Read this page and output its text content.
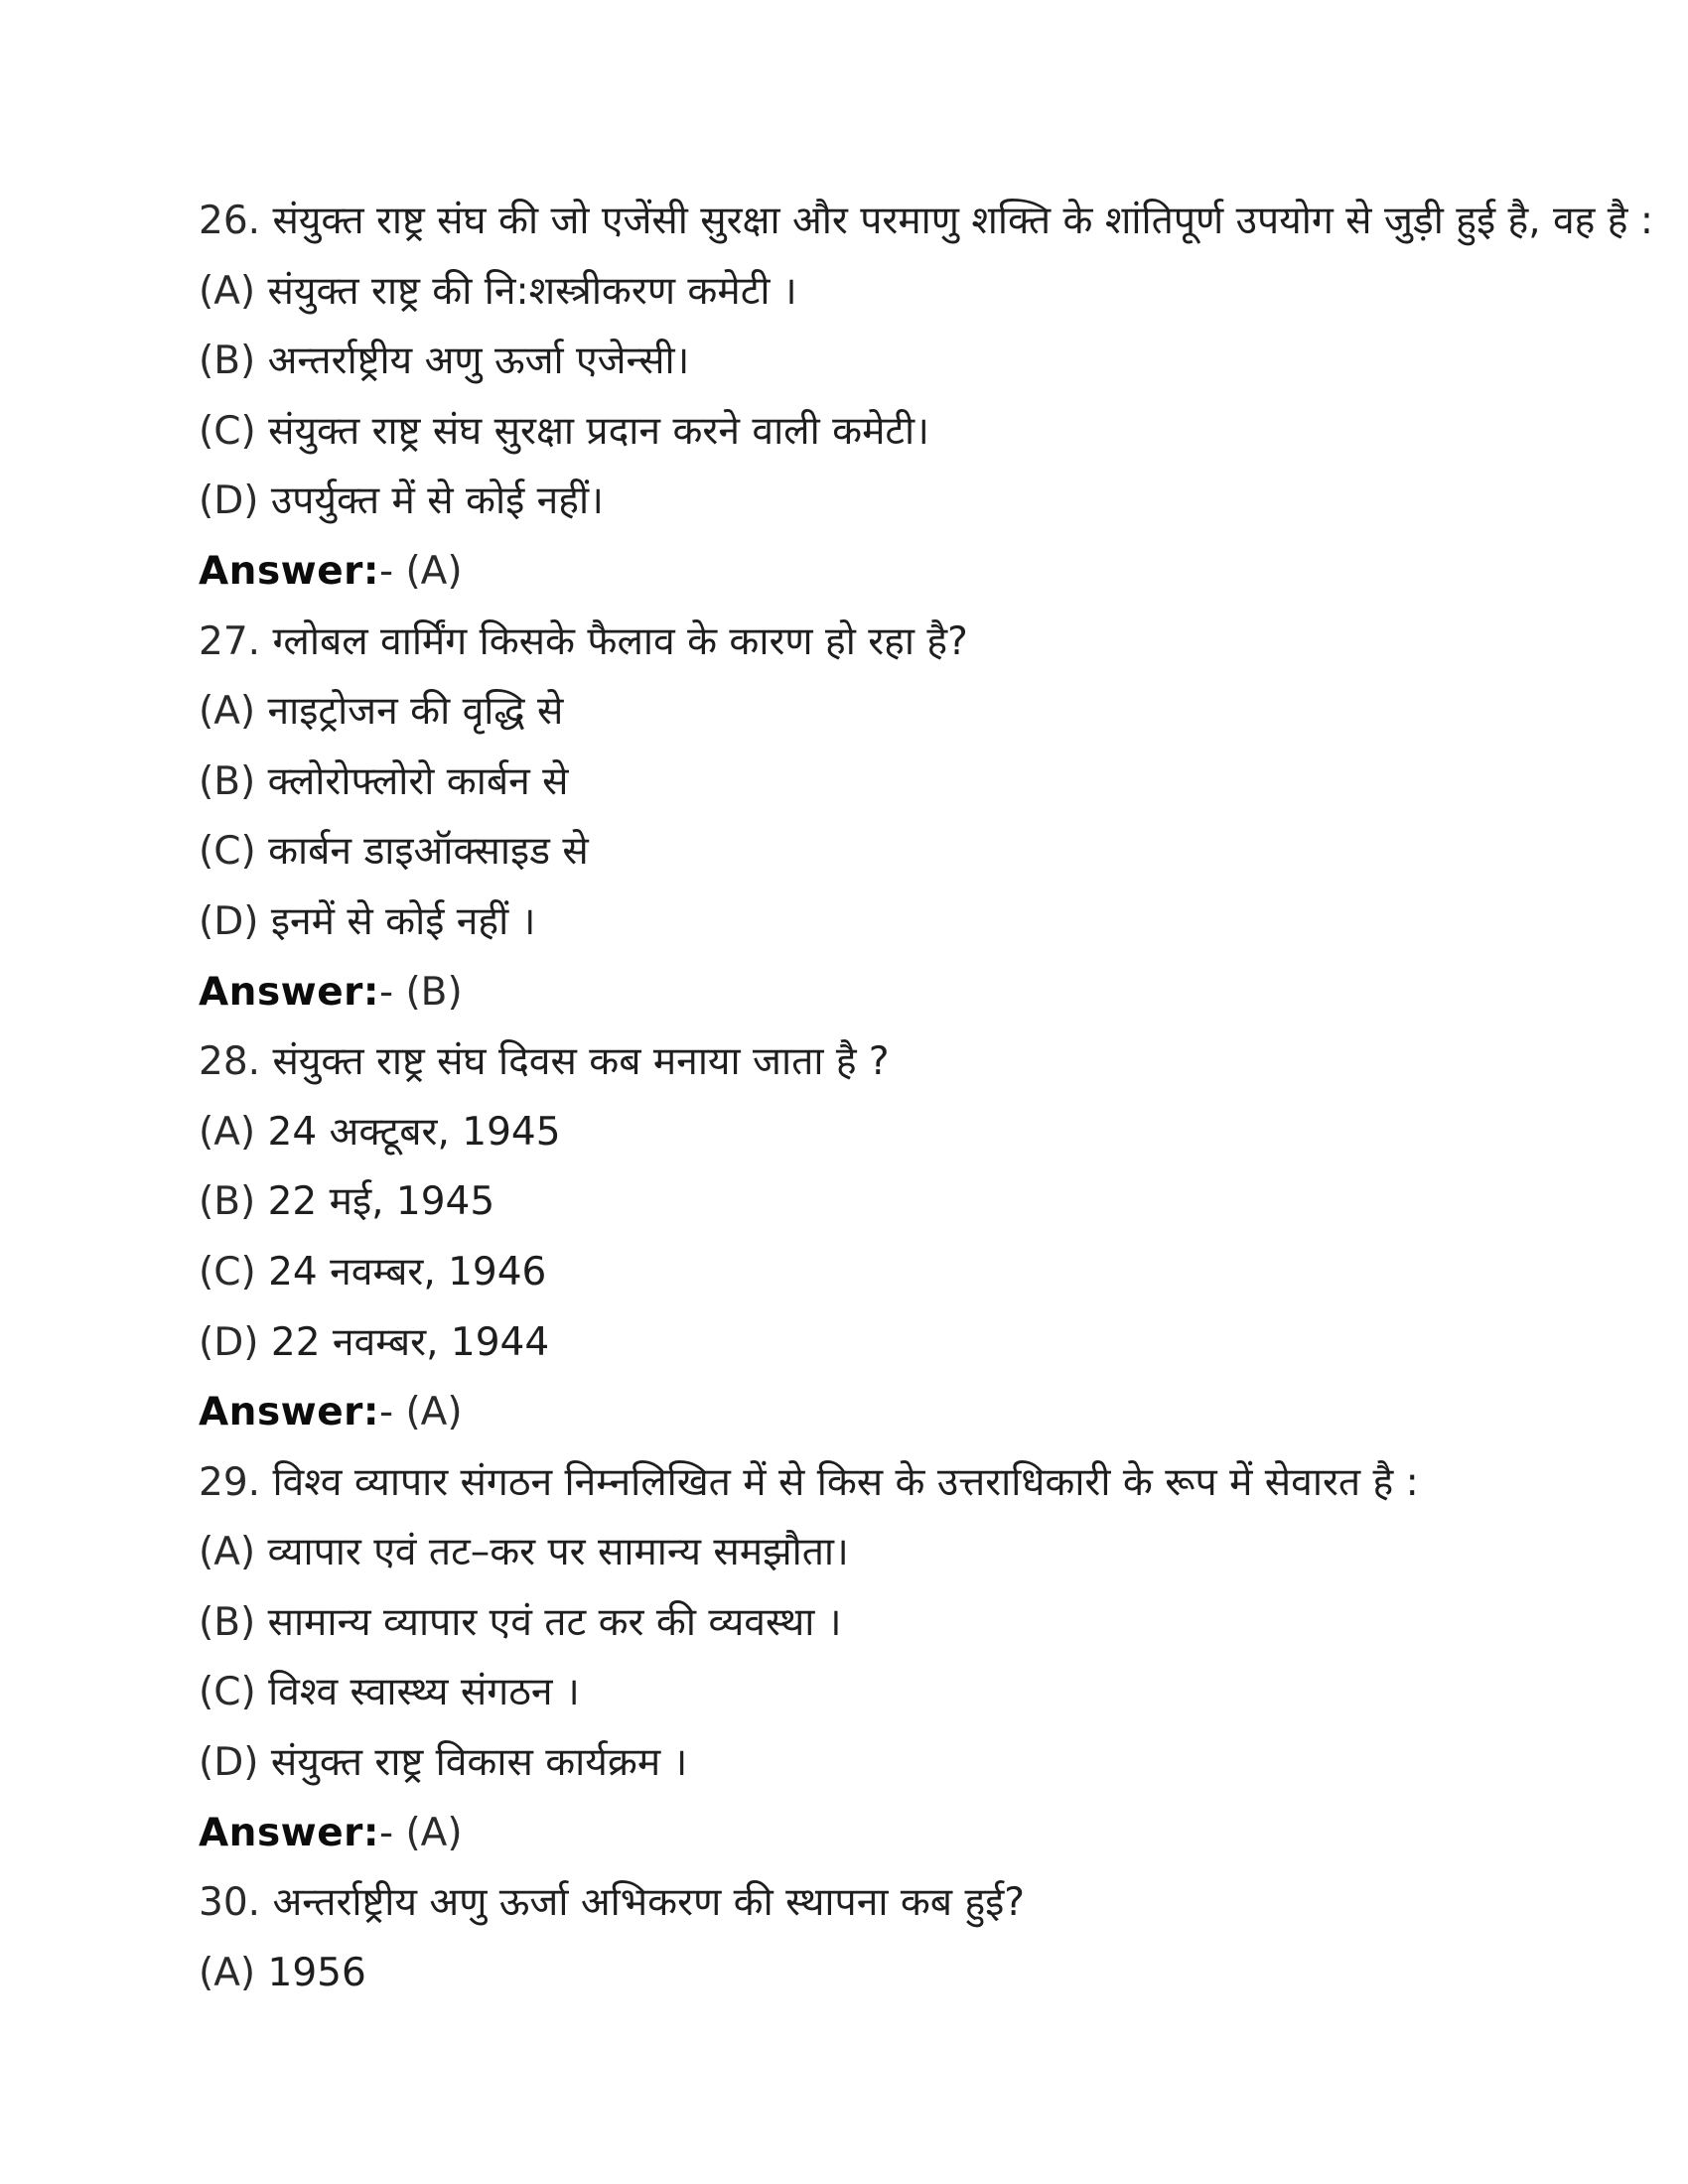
26. संयुक्त राष्ट्र संघ की जो एजेंसी सुरक्षा और परमाणु शक्ति के शांतिपूर्ण उपयोग से जुड़ी हुई है, वह है :
(A) संयुक्त राष्ट्र की नि:शस्त्रीकरण कमेटी ।
(B) अन्तर्राष्ट्रीय अणु ऊर्जा एजेन्सी।
(C) संयुक्त राष्ट्र संघ सुरक्षा प्रदान करने वाली कमेटी।
(D) उपर्युक्त में से कोई नहीं।
Answer:- (A)
27. ग्लोबल वार्मिंग किसके फैलाव के कारण हो रहा है?
(A) नाइट्रोजन की वृद्धि से
(B) क्लोरोफ्लोरो कार्बन से
(C) कार्बन डाइऑक्साइड से
(D) इनमें से कोई नहीं ।
Answer:- (B)
28. संयुक्त राष्ट्र संघ दिवस कब मनाया जाता है ?
(A) 24 अक्टूबर, 1945
(B) 22 मई, 1945
(C) 24 नवम्बर, 1946
(D) 22 नवम्बर, 1944
Answer:- (A)
29. विश्व व्यापार संगठन निम्नलिखित में से किस के उत्तराधिकारी के रूप में सेवारत है :
(A) व्यापार एवं तट–कर पर सामान्य समझौता।
(B) सामान्य व्यापार एवं तट कर की व्यवस्था ।
(C) विश्व स्वास्थ्य संगठन ।
(D) संयुक्त राष्ट्र विकास कार्यक्रम ।
Answer:- (A)
30. अन्तर्राष्ट्रीय अणु ऊर्जा अभिकरण की स्थापना कब हुई?
(A) 1956
